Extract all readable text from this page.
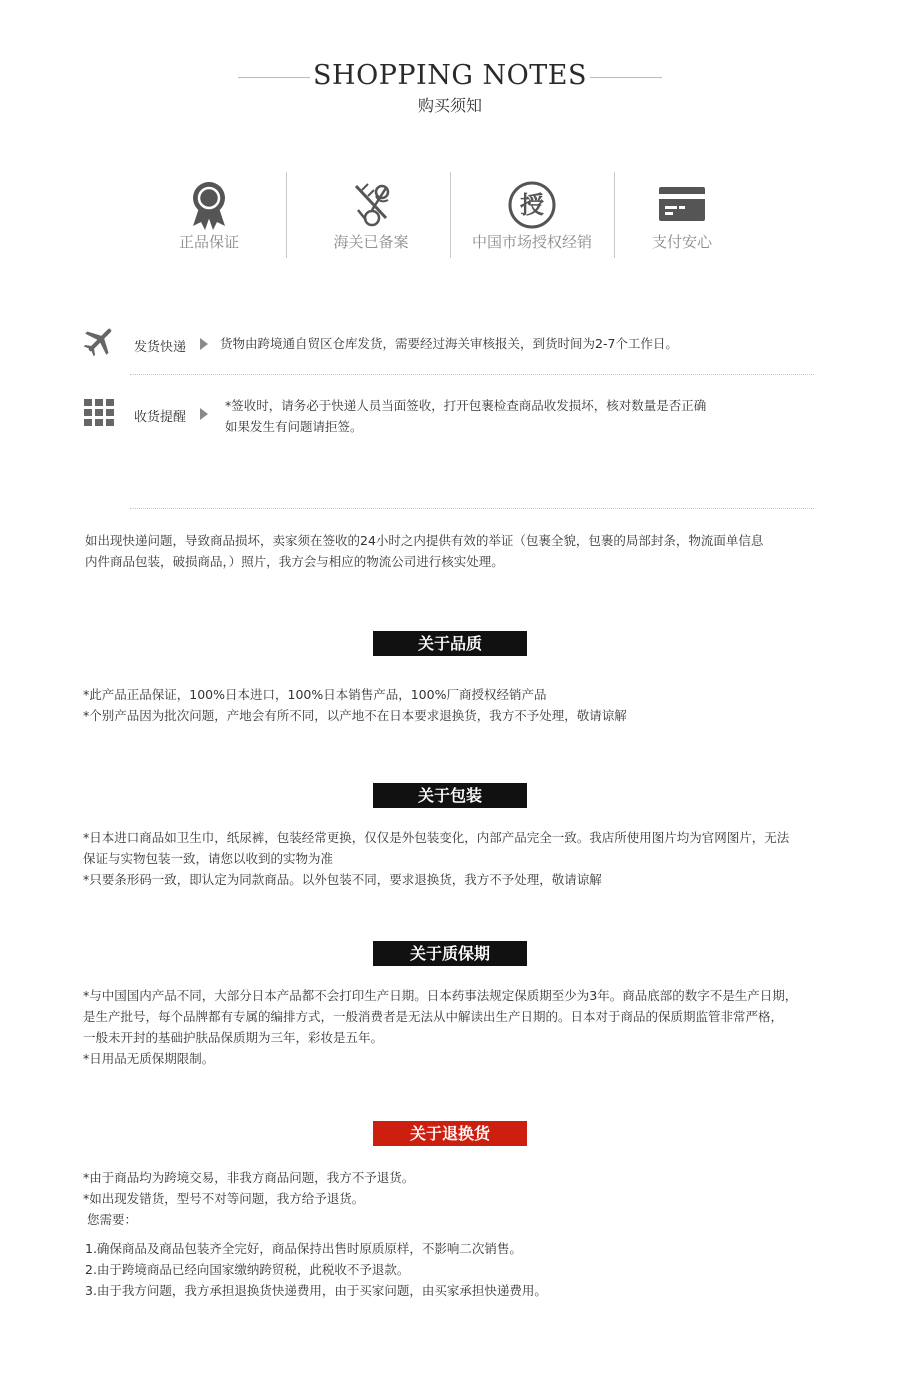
SHOPPING NOTES
购买须知
正品保证	海关已备案
授
中国市场授权经销	支付安心
发货快递	货物由跨境通自贸区仓库发货，需要经过海关审核报关，到货时间为2-7个工作日。
收货提醒
*签收时，请务必于快递人员当面签收，打开包裹检查商品收发损坏，核对数量是否正确
如果发生有问题请拒签。
如出现快递问题，导致商品损坏，卖家须在签收的24小时之内提供有效的举证（包裹全貌，包裹的局部封条，物流面单信息
内件商品包装，破损商品，）照片，我方会与相应的物流公司进行核实处理。
关于品质
*此产品正品保证，100%日本进口，100%日本销售产品，100%厂商授权经销产品
*个别产品因为批次问题，产地会有所不同，以产地不在日本要求退换货，我方不予处理，敬请谅解
关于包装
*日本进口商品如卫生巾，纸尿裤，包装经常更换，仅仅是外包装变化，内部产品完全一致。我店所使用图片均为官网图片，无法
保证与实物包装一致，请您以收到的实物为准
*只要条形码一致，即认定为同款商品。以外包装不同，要求退换货，我方不予处理，敬请谅解
关于质保期
*与中国国内产品不同，大部分日本产品都不会打印生产日期。日本药事法规定保质期至少为3年。商品底部的数字不是生产日期，
是生产批号，每个品牌都有专属的编排方式，一般消费者是无法从中解读出生产日期的。日本对于商品的保质期监管非常严格，
一般未开封的基础护肤品保质期为三年，彩妆是五年。
*日用品无质保期限制。
关于退换货
*由于商品均为跨境交易，非我方商品问题，我方不予退货。
*如出现发错货，型号不对等问题，我方给予退货。
您需要：
1.确保商品及商品包装齐全完好，商品保持出售时原质原样，不影响二次销售。
2.由于跨境商品已经向国家缴纳跨贸税，此税收不予退款。
3.由于我方问题，我方承担退换货快递费用，由于买家问题，由买家承担快递费用。
